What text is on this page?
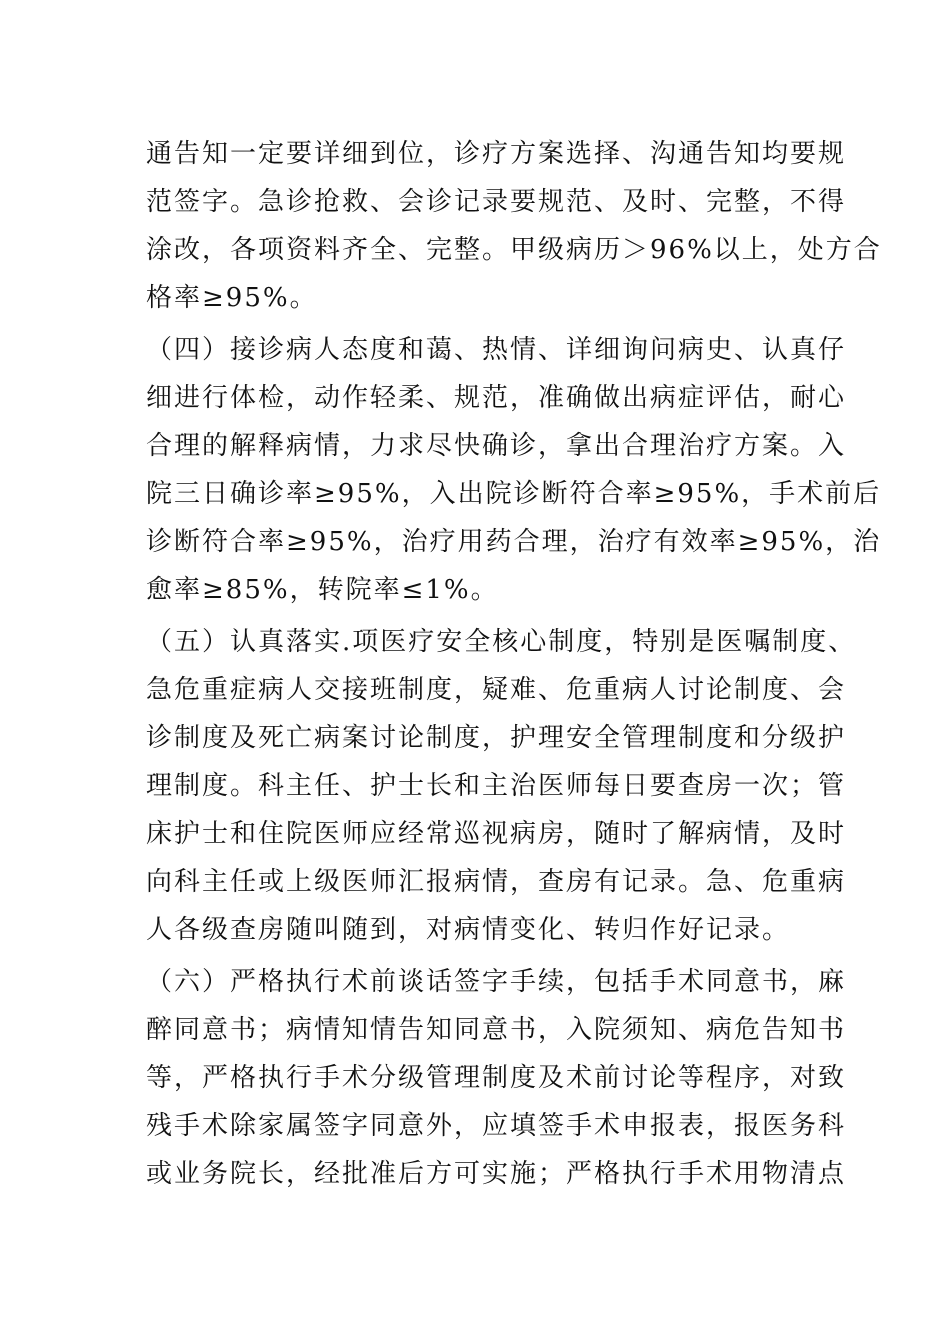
通告知一定要详细到位，诊疗方案选择、沟通告知均要规
范签字。急诊抢救、会诊记录要规范、及时、完整，不得
涂改，各项资料齐全、完整。甲级病历＞96%以上，处方合
格率≥95%。
（四）接诊病人态度和蔼、热情、详细询问病史、认真仔
细进行体检，动作轻柔、规范，准确做出病症评估，耐心
合理的解释病情，力求尽快确诊，拿出合理治疗方案。入
院三日确诊率≥95%，入出院诊断符合率≥95%，手术前后
诊断符合率≥95%，治疗用药合理，治疗有效率≥95%，治
愈率≥85%，转院率≤1%。
（五）认真落实.项医疗安全核心制度，特别是医嘱制度、
急危重症病人交接班制度，疑难、危重病人讨论制度、会
诊制度及死亡病案讨论制度，护理安全管理制度和分级护
理制度。科主任、护士长和主治医师每日要查房一次；管
床护士和住院医师应经常巡视病房，随时了解病情，及时
向科主任或上级医师汇报病情，查房有记录。急、危重病
人各级查房随叫随到，对病情变化、转归作好记录。
（六）严格执行术前谈话签字手续，包括手术同意书，麻
醉同意书；病情知情告知同意书，入院须知、病危告知书
等，严格执行手术分级管理制度及术前讨论等程序，对致
残手术除家属签字同意外，应填签手术申报表，报医务科
或业务院长，经批准后方可实施；严格执行手术用物清点
